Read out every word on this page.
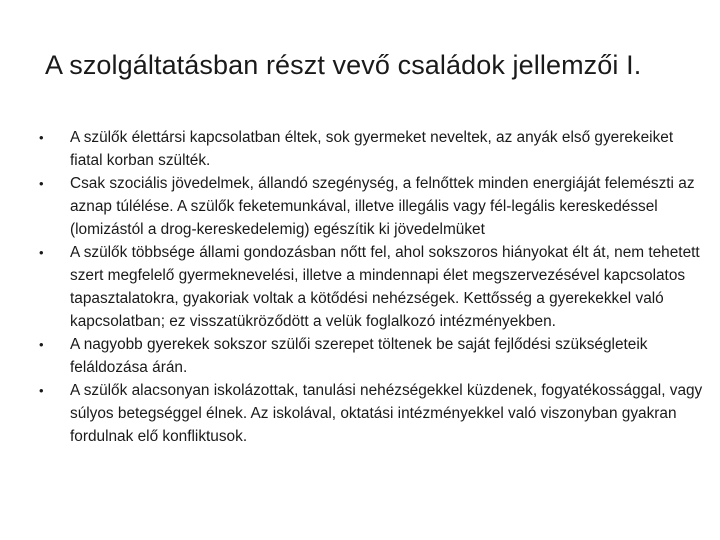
A szolgáltatásban részt vevő családok jellemzői I.
• A szülők élettársi kapcsolatban éltek, sok gyermeket neveltek, az anyák első gyerekeiket fiatal korban szülték.
• Csak szociális jövedelmek, állandó szegénység, a felnőttek minden energiáját felemészti az aznap túlélése. A szülők feketemunkával, illetve illegális vagy fél-legális kereskedéssel (lomizástól a drog-kereskedelemig) egészítik ki jövedelmüket
• A szülők többsége állami gondozásban nőtt fel, ahol sokszoros hiányokat élt át, nem tehetett szert megfelelő gyermeknevelési, illetve a mindennapi élet megszervezésével kapcsolatos tapasztalatokra, gyakoriak voltak a kötődési nehézségek. Kettősség a gyerekekkel való kapcsolatban; ez visszatükröződött a velük foglalkozó intézményekben.
• A nagyobb gyerekek sokszor szülői szerepet töltenek be saját fejlődési szükségleteik feláldozása árán.
• A szülők alacsonyan iskolázottak, tanulási nehézségekkel küzdenek, fogyatékossággal, vagy súlyos betegséggel élnek. Az iskolával, oktatási intézményekkel való viszonyban gyakran fordulnak elő konfliktusok.
